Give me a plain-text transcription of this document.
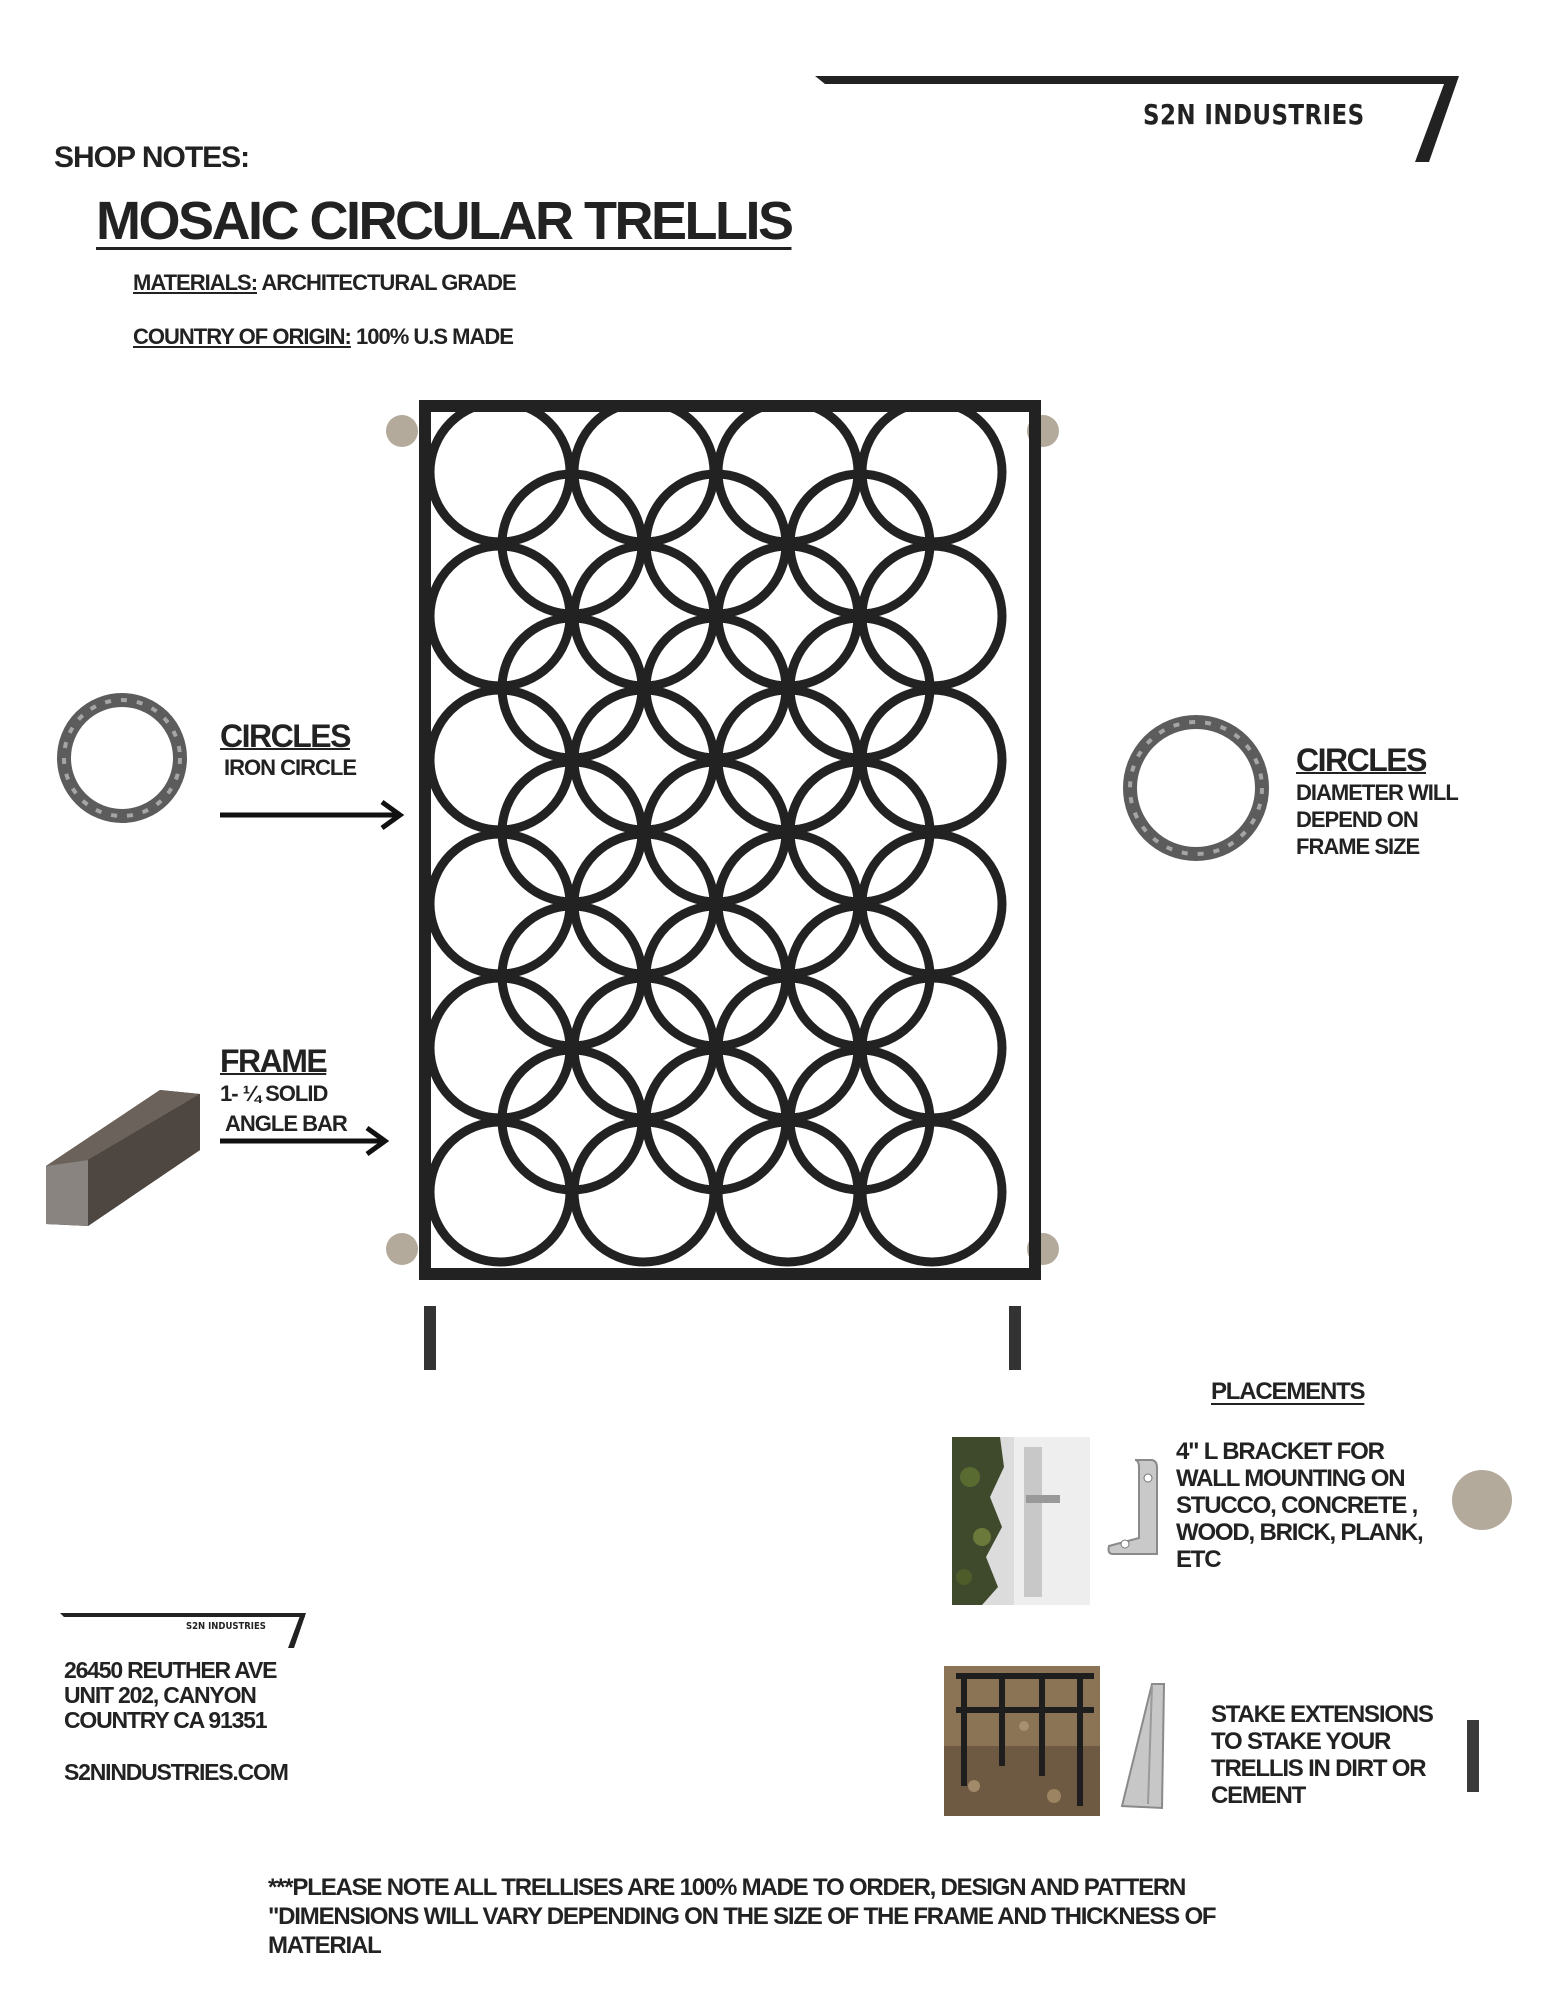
S2N INDUSTRIES
SHOP NOTES:
MOSAIC CIRCULAR TRELLIS
MATERIALS: ARCHITECTURAL GRADE
COUNTRY OF ORIGIN: 100% U.S MADE
CIRCLES
IRON CIRCLE
FRAME
1- ¼ SOLID
ANGLE BAR
CIRCLES
DIAMETER WILL
DEPEND ON
FRAME SIZE
PLACEMENTS
4" L BRACKET FOR
WALL MOUNTING ON
STUCCO, CONCRETE ,
WOOD, BRICK, PLANK,
ETC
STAKE EXTENSIONS
TO STAKE YOUR
TRELLIS IN DIRT OR
CEMENT
S2N INDUSTRIES
26450 REUTHER AVE
UNIT 202, CANYON
COUNTRY CA 91351
S2NINDUSTRIES.COM
***PLEASE NOTE ALL TRELLISES ARE 100% MADE TO ORDER, DESIGN AND PATTERN
"DIMENSIONS WILL VARY DEPENDING ON THE SIZE OF THE FRAME AND THICKNESS OF
MATERIAL
